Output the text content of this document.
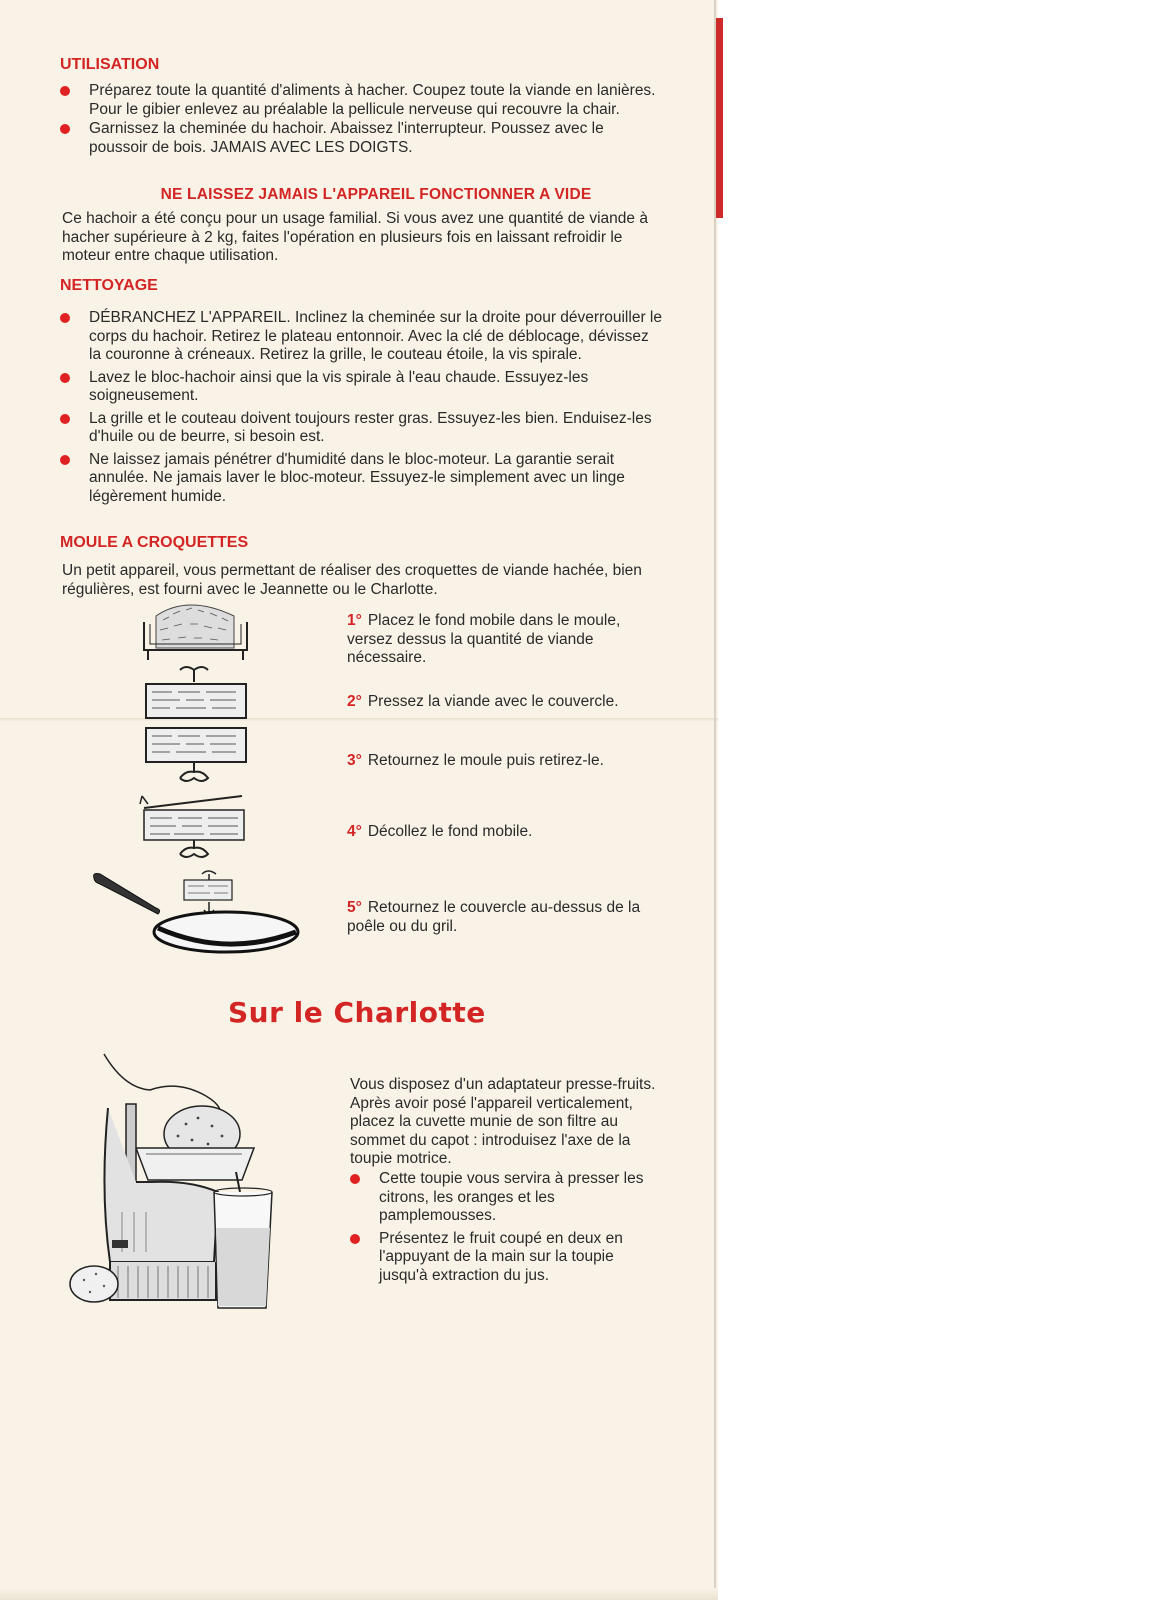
UTILISATION
Préparez toute la quantité d'aliments à hacher. Coupez toute la viande en lanières. Pour le gibier enlevez au préalable la pellicule nerveuse qui recouvre la chair.
Garnissez la cheminée du hachoir. Abaissez l'interrupteur. Poussez avec le poussoir de bois. JAMAIS AVEC LES DOIGTS.

NE LAISSEZ JAMAIS L'APPAREIL FONCTIONNER A VIDE

Ce hachoir a été conçu pour un usage familial. Si vous avez une quantité de viande à hacher supérieure à 2 kg, faites l'opération en plusieurs fois en laissant refroidir le moteur entre chaque utilisation.

NETTOYAGE
DÉBRANCHEZ L'APPAREIL. Inclinez la cheminée sur la droite pour déverrouiller le corps du hachoir. Retirez le plateau entonnoir. Avec la clé de déblocage, dévissez la couronne à créneaux. Retirez la grille, le couteau étoile, la vis spirale.
Lavez le bloc-hachoir ainsi que la vis spirale à l'eau chaude. Essuyez-les soigneusement.
La grille et le couteau doivent toujours rester gras. Essuyez-les bien. Enduisez-les d'huile ou de beurre, si besoin est.
Ne laissez jamais pénétrer d'humidité dans le bloc-moteur. La garantie serait annulée. Ne jamais laver le bloc-moteur. Essuyez-le simplement avec un linge légèrement humide.
MOULE A CROQUETTES

Un petit appareil, vous permettant de réaliser des croquettes de viande hachée, bien régulières, est fourni avec le Jeannette ou le Charlotte.

1° Placez le fond mobile dans le moule, versez dessus la quantité de viande nécessaire.
2° Pressez la viande avec le couvercle.
3° Retournez le moule puis retirez-le.
4° Décollez le fond mobile.
5° Retournez le couvercle au-dessus de la poêle ou du gril.
Sur le Charlotte

Vous disposez d'un adaptateur presse-fruits. Après avoir posé l'appareil verticalement, placez la cuvette munie de son filtre au sommet du capot : introduisez l'axe de la toupie motrice.

Cette toupie vous servira à presser les citrons, les oranges et les pamplemousses.
Présentez le fruit coupé en deux en l'appuyant de la main sur la toupie jusqu'à extraction du jus.
